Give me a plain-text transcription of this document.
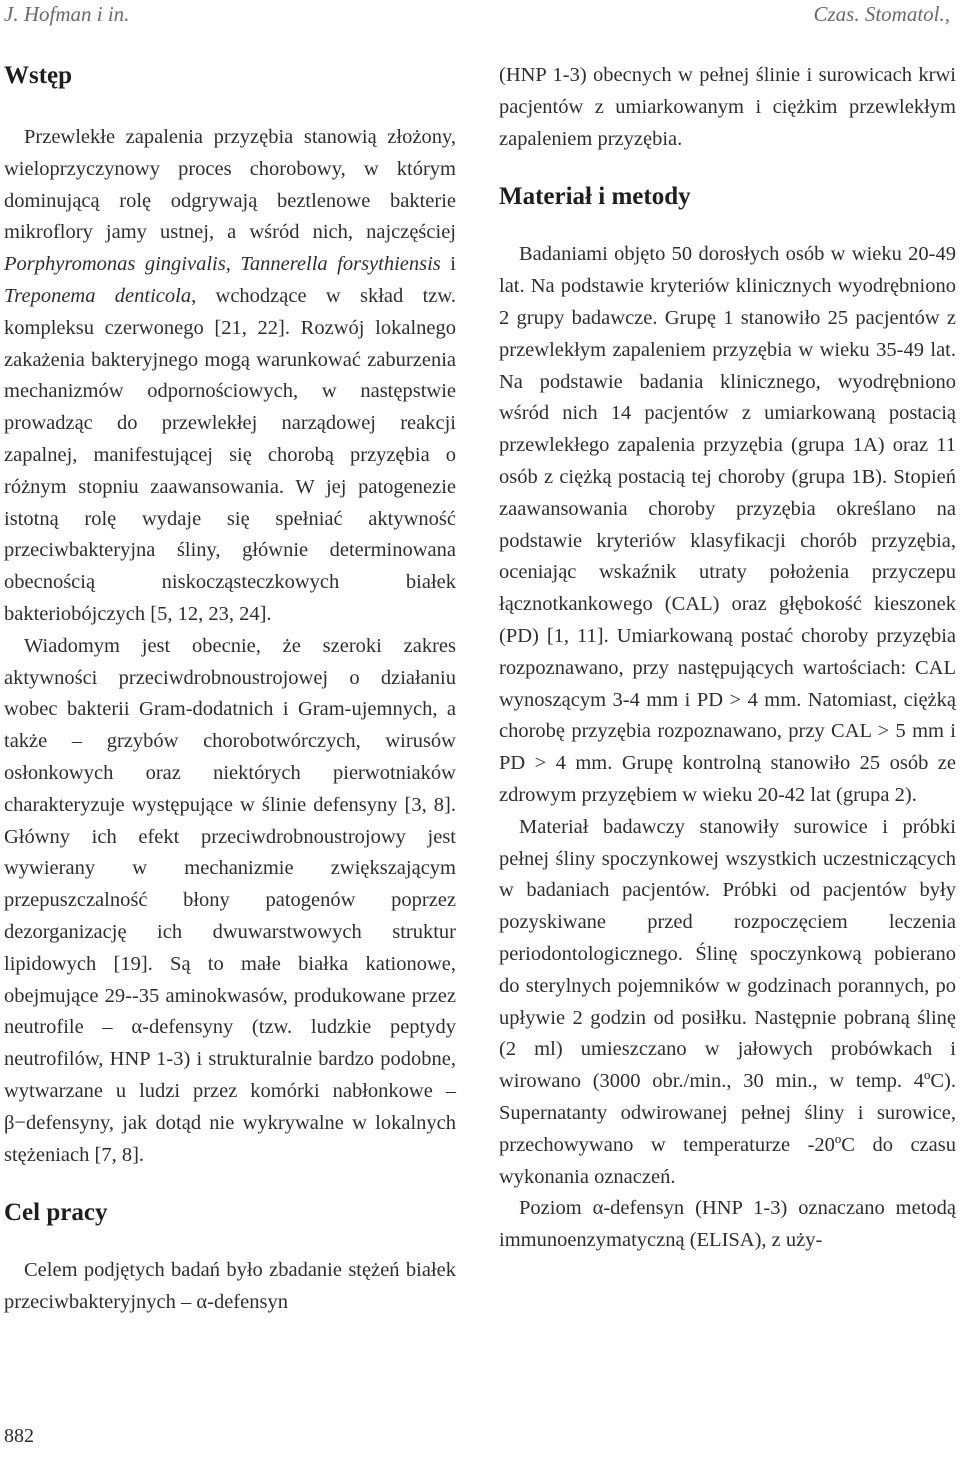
J. Hofman i in.	Czas. Stomatol.,
Wstęp

Przewlekłe zapalenia przyzębia stanowią złożony, wieloprzyczynowy proces chorobowy, w którym dominującą rolę odgrywają beztlenowe bakterie mikroflory jamy ustnej, a wśród nich, najczęściej Porphyromonas gingivalis, Tannerella forsythiensis i Treponema denticola, wchodzące w skład tzw. kompleksu czerwonego [21, 22]. Rozwój lokalnego zakażenia bakteryjnego mogą warunkować zaburzenia mechanizmów odpornościowych, w następstwie prowadząc do przewlekłej narządowej reakcji zapalnej, manifestującej się chorobą przyzębia o różnym stopniu zaawansowania. W jej patogenezie istotną rolę wydaje się spełniać aktywność przeciwbakteryjna śliny, głównie determinowana obecnością niskocząsteczkowych białek bakteriobójczych [5, 12, 23, 24].

Wiadomym jest obecnie, że szeroki zakres aktywności przeciwdrobnoustrojowej o działaniu wobec bakterii Gram-dodatnich i Gram-ujemnych, a także – grzybów chorobotwórczych, wirusów osłonkowych oraz niektórych pierwotniaków charakteryzuje występujące w ślinie defensyny [3, 8]. Główny ich efekt przeciwdrobnoustrojowy jest wywierany w mechanizmie zwiększającym przepuszczalność błony patogenów poprzez dezorganizację ich dwuwarstwowych struktur lipidowych [19]. Są to małe białka kationowe, obejmujące 29--35 aminokwasów, produkowane przez neutrofile – α-defensyny (tzw. ludzkie peptydy neutrofilów, HNP 1-3) i strukturalnie bardzo podobne, wytwarzane u ludzi przez komórki nabłonkowe – β−defensyny, jak dotąd nie wykrywalne w lokalnych stężeniach [7, 8].

Cel pracy

Celem podjętych badań było zbadanie stężeń białek przeciwbakteryjnych – α-defensyn

(HNP 1-3) obecnych w pełnej ślinie i surowicach krwi pacjentów z umiarkowanym i ciężkim przewlekłym zapaleniem przyzębia.

Materiał i metody

Badaniami objęto 50 dorosłych osób w wieku 20-49 lat. Na podstawie kryteriów klinicznych wyodrębniono 2 grupy badawcze. Grupę 1 stanowiło 25 pacjentów z przewlekłym zapaleniem przyzębia w wieku 35-49 lat. Na podstawie badania klinicznego, wyodrębniono wśród nich 14 pacjentów z umiarkowaną postacią przewlekłego zapalenia przyzębia (grupa 1A) oraz 11 osób z ciężką postacią tej choroby (grupa 1B). Stopień zaawansowania choroby przyzębia określano na podstawie kryteriów klasyfikacji chorób przyzębia, oceniając wskaźnik utraty położenia przyczepu łącznotkankowego (CAL) oraz głębokość kieszonek (PD) [1, 11]. Umiarkowaną postać choroby przyzębia rozpoznawano, przy następujących wartościach: CAL wynoszącym 3-4 mm i PD > 4 mm. Natomiast, ciężką chorobę przyzębia rozpoznawano, przy CAL > 5 mm i PD > 4 mm. Grupę kontrolną stanowiło 25 osób ze zdrowym przyzębiem w wieku 20-42 lat (grupa 2).

Materiał badawczy stanowiły surowice i próbki pełnej śliny spoczynkowej wszystkich uczestniczących w badaniach pacjentów. Próbki od pacjentów były pozyskiwane przed rozpoczęciem leczenia periodontologicznego. Ślinę spoczynkową pobierano do sterylnych pojemników w godzinach porannych, po upływie 2 godzin od posiłku. Następnie pobraną ślinę (2 ml) umieszczano w jałowych probówkach i wirowano (3000 obr./min., 30 min., w temp. 4ºC). Supernatanty odwirowanej pełnej śliny i surowice, przechowywano w temperaturze -20ºC do czasu wykonania oznaczeń.

Poziom α-defensyn (HNP 1-3) oznaczano metodą immunoenzymatyczną (ELISA), z uży-

882
